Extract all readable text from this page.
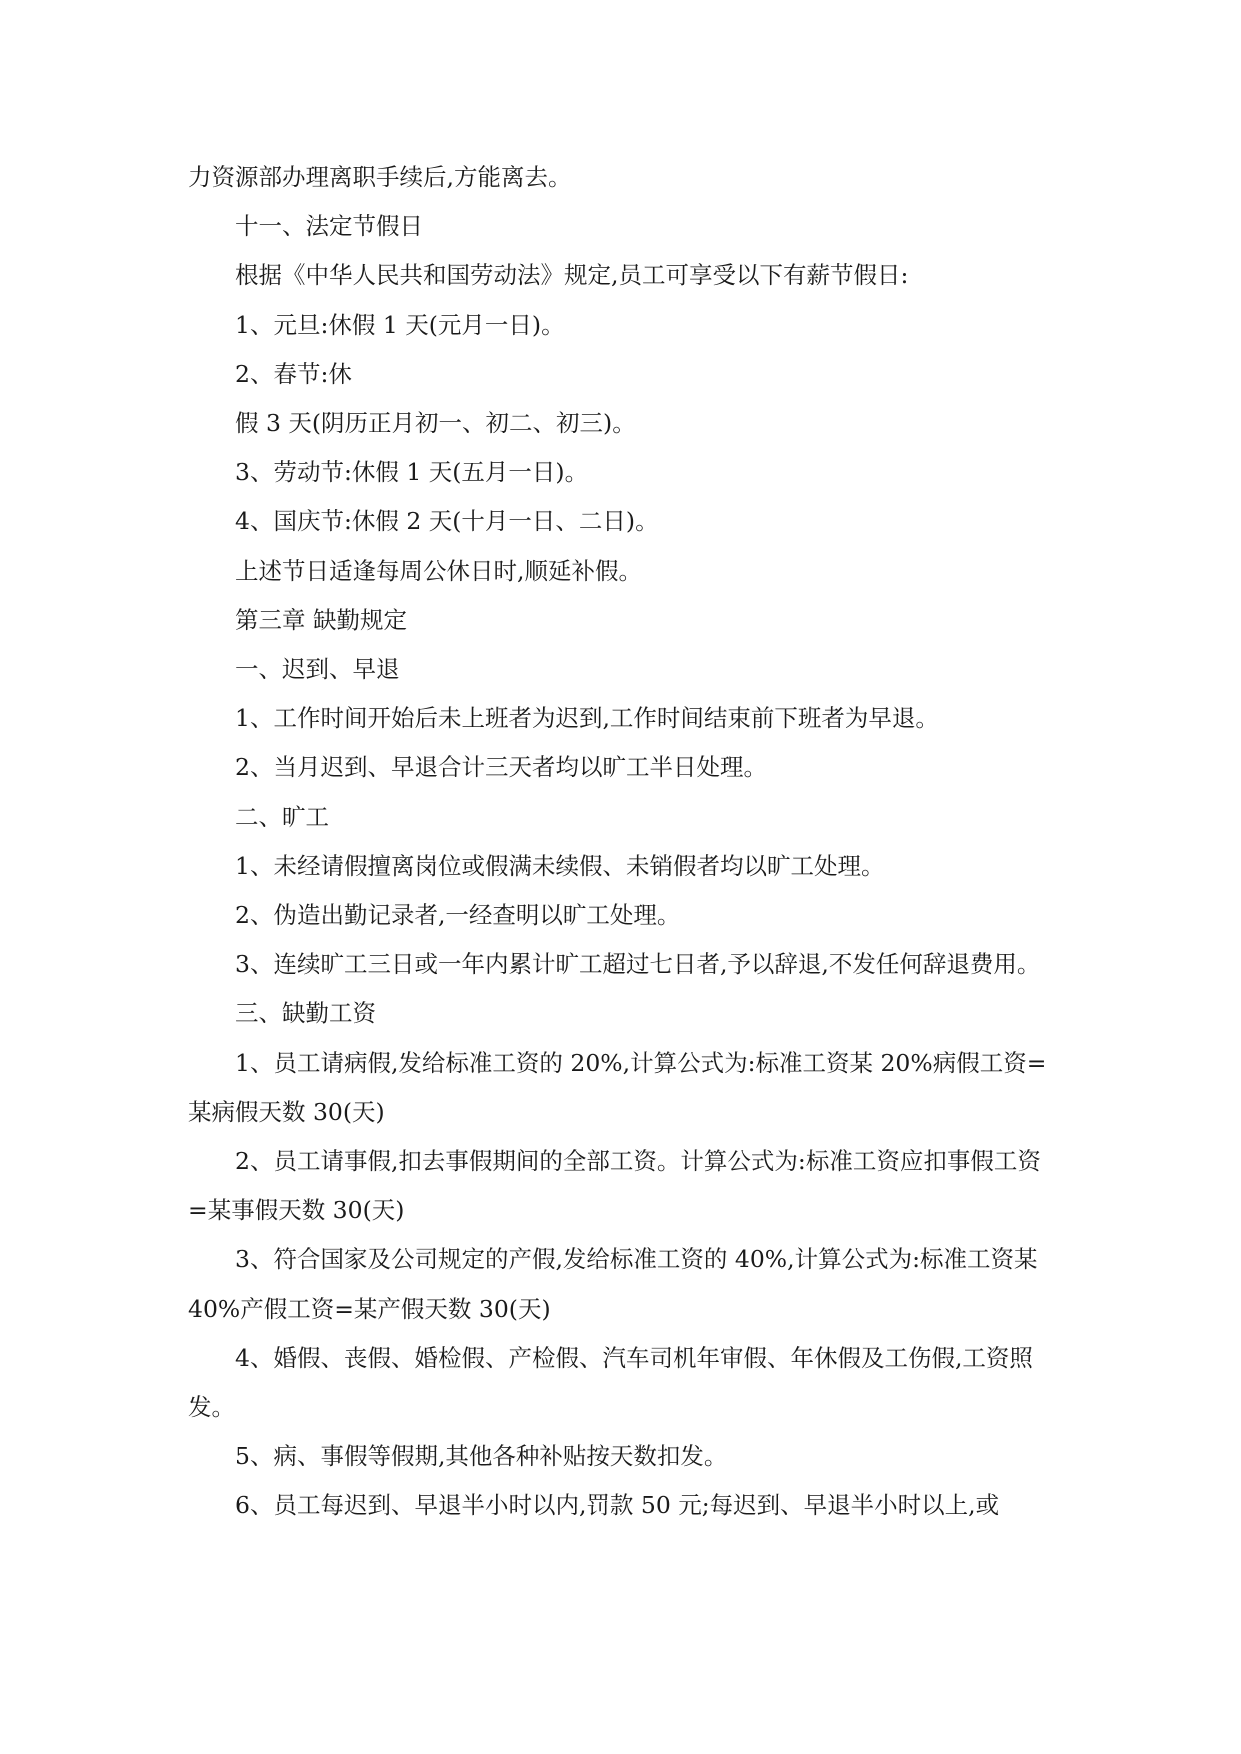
力资源部办理离职手续后,方能离去。

十一、法定节假日

根据《中华人民共和国劳动法》规定,员工可享受以下有薪节假日:

1、元旦:休假 1 天(元月一日)。

2、春节:休

假 3 天(阴历正月初一、初二、初三)。

3、劳动节:休假 1 天(五月一日)。

4、国庆节:休假 2 天(十月一日、二日)。

上述节日适逢每周公休日时,顺延补假。

第三章 缺勤规定

一、迟到、早退

1、工作时间开始后未上班者为迟到,工作时间结束前下班者为早退。

2、当月迟到、早退合计三天者均以旷工半日处理。

二、旷工

1、未经请假擅离岗位或假满未续假、未销假者均以旷工处理。

2、伪造出勤记录者,一经查明以旷工处理。

3、连续旷工三日或一年内累计旷工超过七日者,予以辞退,不发任何辞退费用。

三、缺勤工资

1、员工请病假,发给标准工资的 20%,计算公式为:标准工资某 20%病假工资=某病假天数 30(天)

2、员工请事假,扣去事假期间的全部工资。计算公式为:标准工资应扣事假工资=某事假天数 30(天)

3、符合国家及公司规定的产假,发给标准工资的 40%,计算公式为:标准工资某 40%产假工资=某产假天数 30(天)

4、婚假、丧假、婚检假、产检假、汽车司机年审假、年休假及工伤假,工资照发。

5、病、事假等假期,其他各种补贴按天数扣发。

6、员工每迟到、早退半小时以内,罚款 50 元;每迟到、早退半小时以上,或
